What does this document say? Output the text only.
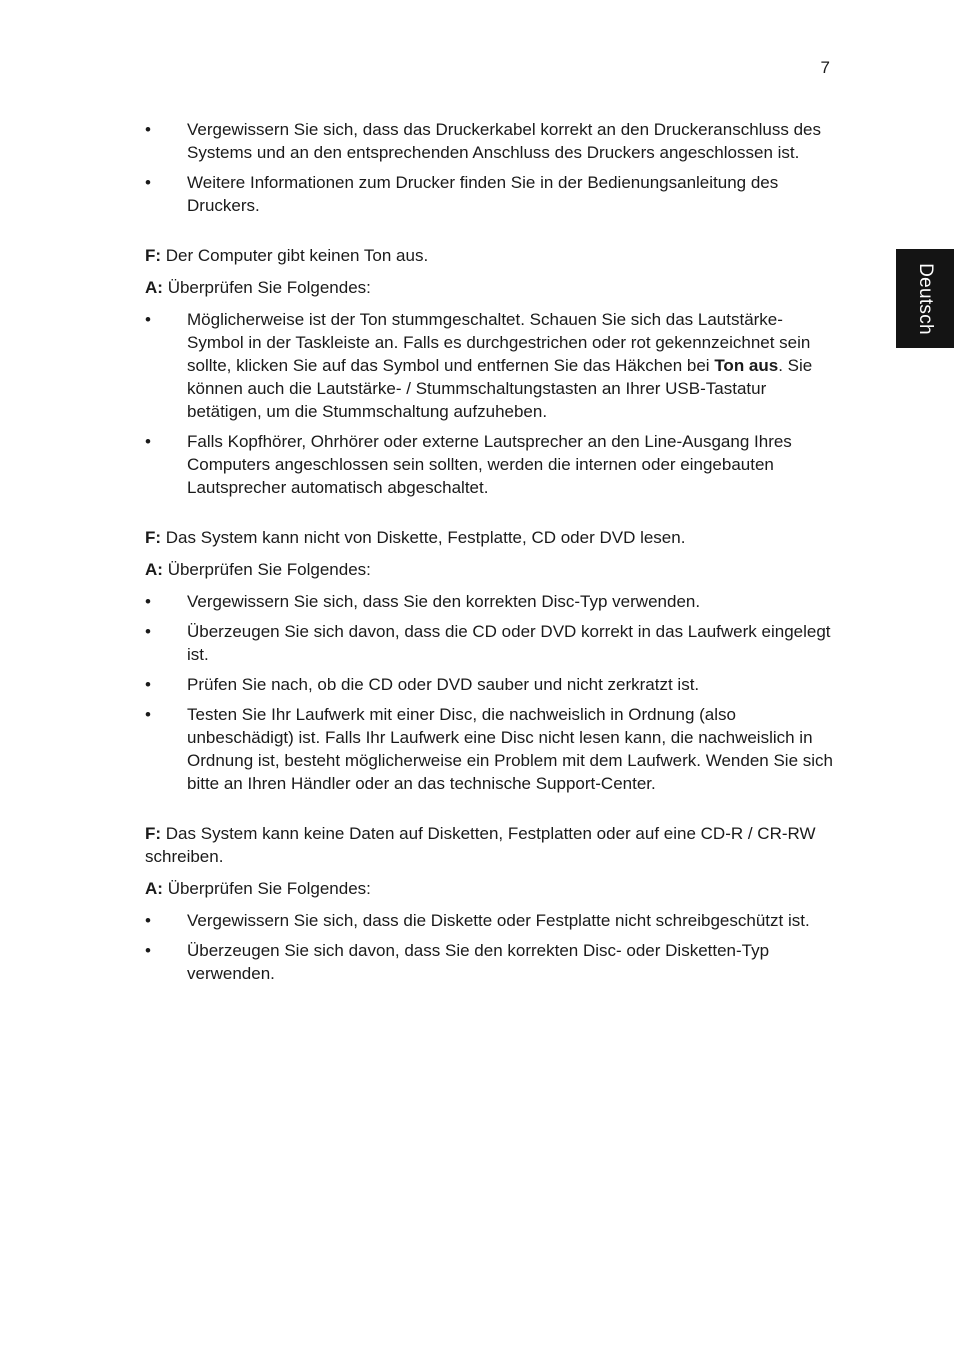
7
Deutsch
• Vergewissern Sie sich, dass das Druckerkabel korrekt an den Druckeranschluss des Systems und an den entsprechenden Anschluss des Druckers angeschlossen ist.
• Weitere Informationen zum Drucker finden Sie in der Bedienungsanleitung des Druckers.

F: Der Computer gibt keinen Ton aus.

A: Überprüfen Sie Folgendes:

• Möglicherweise ist der Ton stummgeschaltet. Schauen Sie sich das Lautstärke-Symbol in der Taskleiste an. Falls es durchgestrichen oder rot gekennzeichnet sein sollte, klicken Sie auf das Symbol und entfernen Sie das Häkchen bei Ton aus. Sie können auch die Lautstärke- / Stummschaltungstasten an Ihrer USB-Tastatur betätigen, um die Stummschaltung aufzuheben.
• Falls Kopfhörer, Ohrhörer oder externe Lautsprecher an den Line-Ausgang Ihres Computers angeschlossen sein sollten, werden die internen oder eingebauten Lautsprecher automatisch abgeschaltet.

F: Das System kann nicht von Diskette, Festplatte, CD oder DVD lesen.

A: Überprüfen Sie Folgendes:

• Vergewissern Sie sich, dass Sie den korrekten Disc-Typ verwenden.
• Überzeugen Sie sich davon, dass die CD oder DVD korrekt in das Laufwerk eingelegt ist.
• Prüfen Sie nach, ob die CD oder DVD sauber und nicht zerkratzt ist.
• Testen Sie Ihr Laufwerk mit einer Disc, die nachweislich in Ordnung (also unbeschädigt) ist. Falls Ihr Laufwerk eine Disc nicht lesen kann, die nachweislich in Ordnung ist, besteht möglicherweise ein Problem mit dem Laufwerk. Wenden Sie sich bitte an Ihren Händler oder an das technische Support-Center.

F: Das System kann keine Daten auf Disketten, Festplatten oder auf eine CD-R / CR-RW schreiben.

A: Überprüfen Sie Folgendes:

• Vergewissern Sie sich, dass die Diskette oder Festplatte nicht schreibgeschützt ist.
• Überzeugen Sie sich davon, dass Sie den korrekten Disc- oder Disketten-Typ verwenden.
